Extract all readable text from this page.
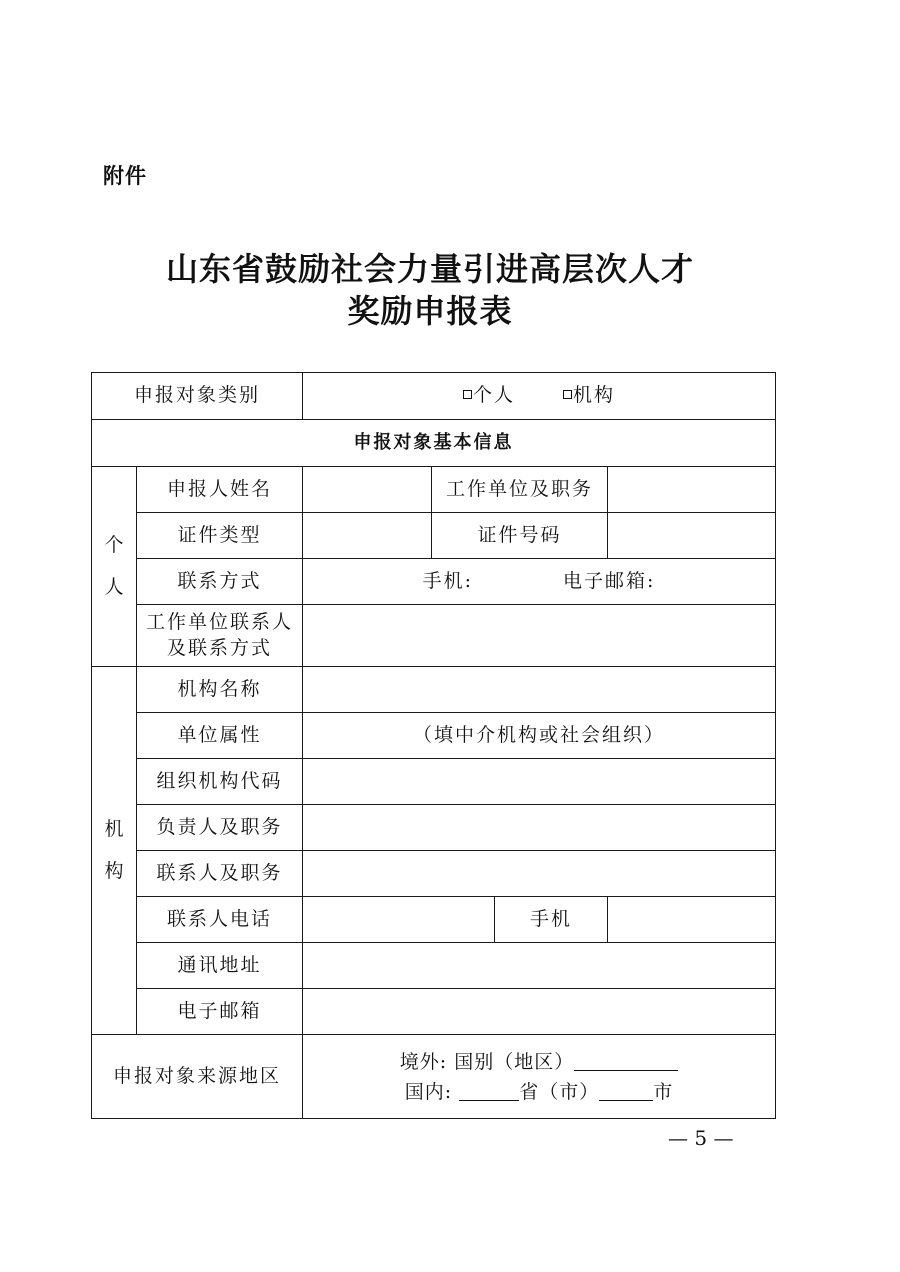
附件
山东省鼓励社会力量引进高层次人才
奖励申报表
申报对象类别		个人 机构			
申报对象基本信息					
个
人	申报人姓名		工作单位及职务		
	证件类型		证件号码		
	联系方式	手机: 电子邮箱:			
	工作单位联系人
及联系方式				
机
构	机构名称				
	单位属性	（填中介机构或社会组织）			
	组织机构代码				
	负责人及职务				
	联系人及职务				
	联系人电话			手机	
	通讯地址				
	电子邮箱				
申报对象来源地区		境外: 国别（地区）
国内: 省（市） 市			
— 5 —
